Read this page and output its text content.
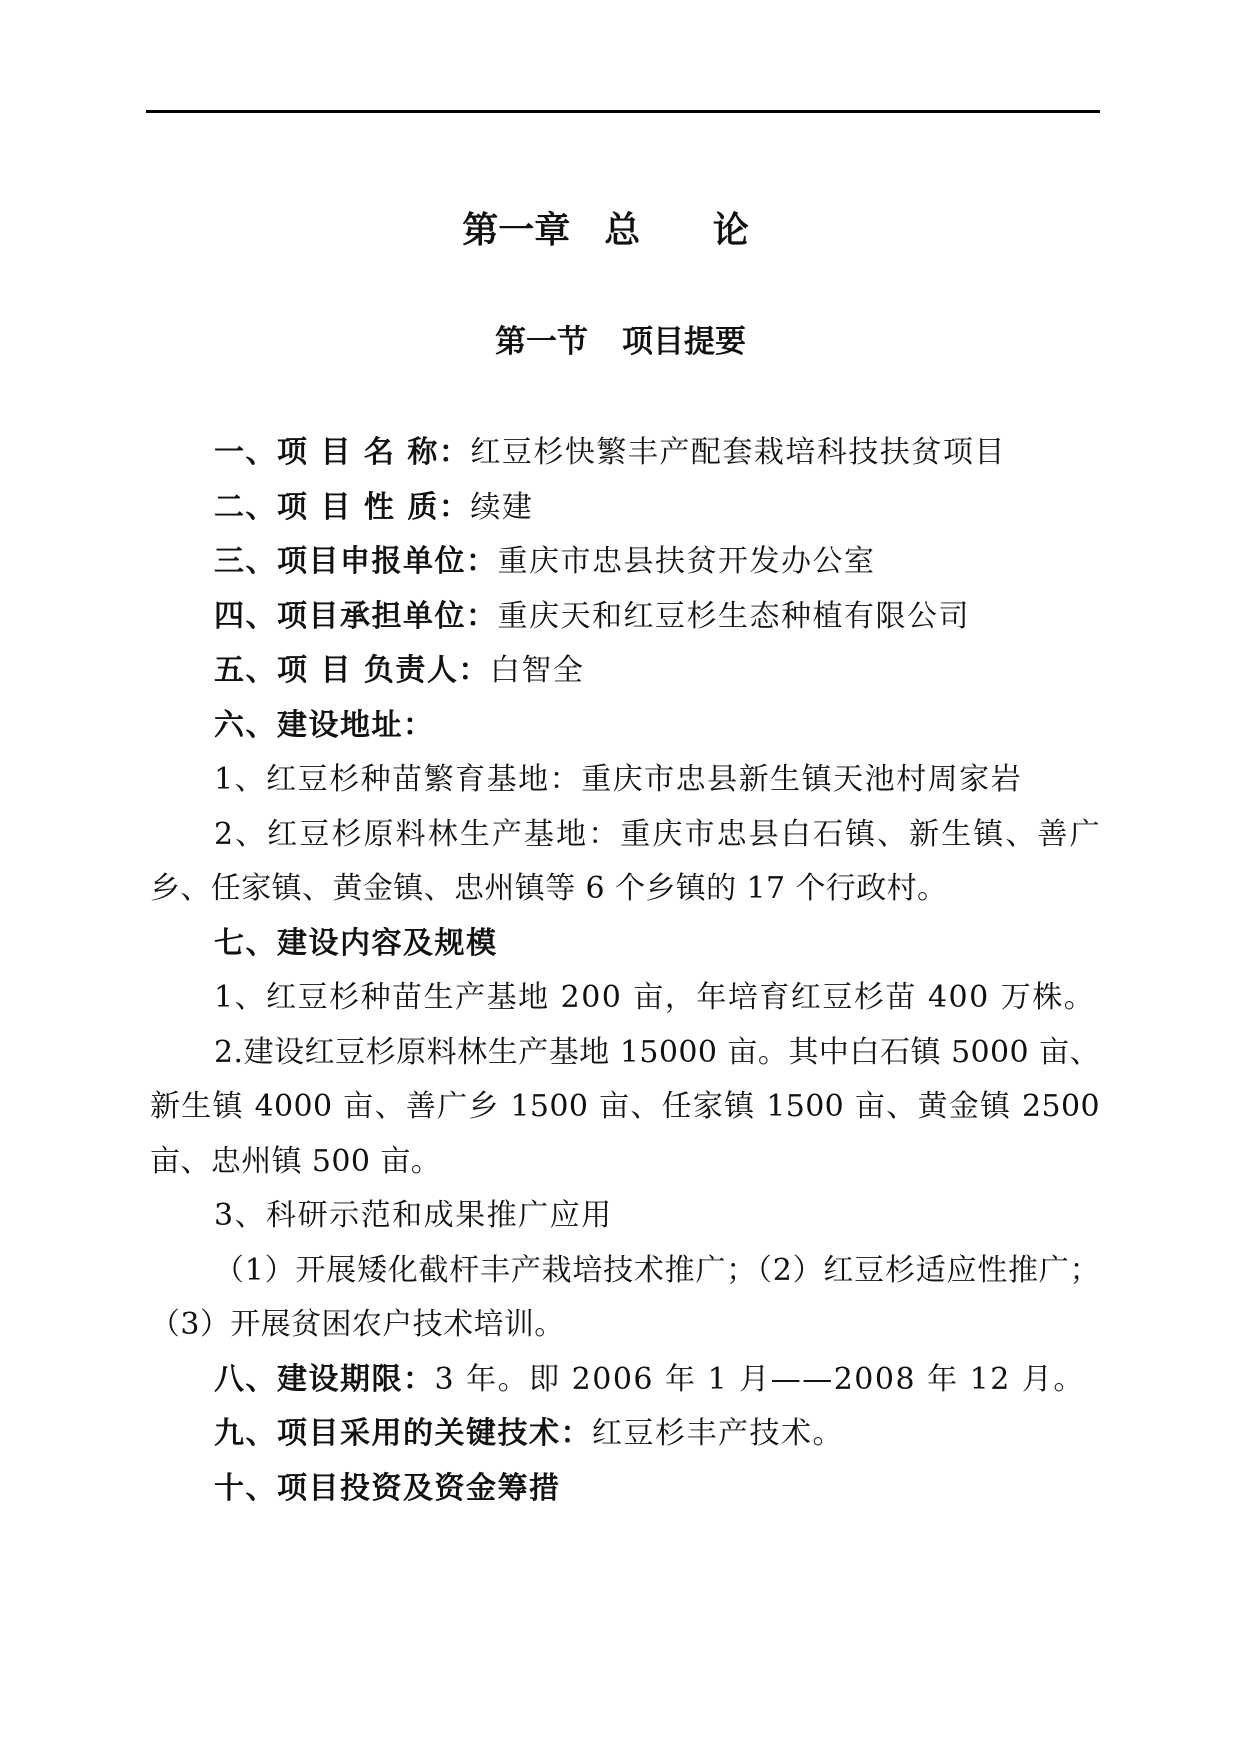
第一章 总 论
第一节 项目提要

一、项 目 名 称：红豆杉快繁丰产配套栽培科技扶贫项目

二、项 目 性 质：续建

三、项目申报单位：重庆市忠县扶贫开发办公室

四、项目承担单位：重庆天和红豆杉生态种植有限公司

五、项 目 负责人：白智全

六、建设地址：

1、红豆杉种苗繁育基地：重庆市忠县新生镇天池村周家岩

2、红豆杉原料林生产基地：重庆市忠县白石镇、新生镇、善广乡、任家镇、黄金镇、忠州镇等 6 个乡镇的 17 个行政村。

七、建设内容及规模

1、红豆杉种苗生产基地 200 亩，年培育红豆杉苗 400 万株。

2.建设红豆杉原料林生产基地 15000 亩。其中白石镇 5000 亩、新生镇 4000 亩、善广乡 1500 亩、任家镇 1500 亩、黄金镇 2500 亩、忠州镇 500 亩。

3、科研示范和成果推广应用

（1）开展矮化截杆丰产栽培技术推广；（2）红豆杉适应性推广；（3）开展贫困农户技术培训。

八、建设期限：3 年。即 2006 年 1 月——2008 年 12 月。

九、项目采用的关键技术：红豆杉丰产技术。

十、项目投资及资金筹措
